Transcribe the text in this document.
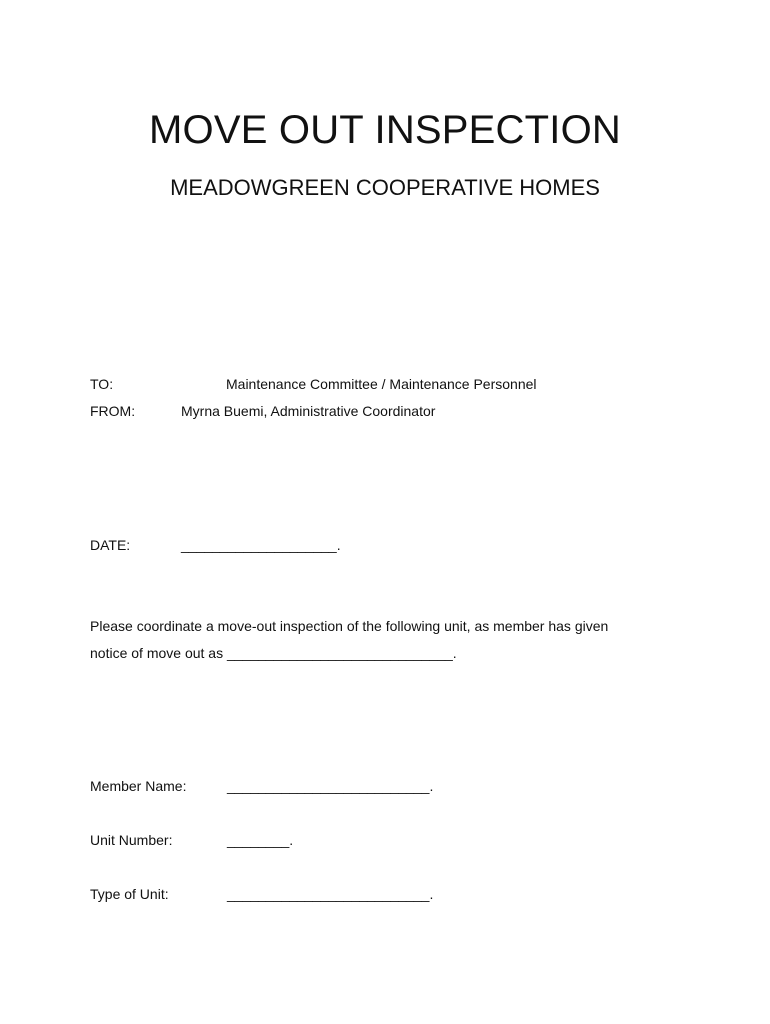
MOVE OUT INSPECTION
MEADOWGREEN COOPERATIVE HOMES
TO:	Maintenance Committee / Maintenance Personnel
FROM:	Myrna Buemi, Administrative Coordinator
DATE:	____________________.
Please coordinate a move-out inspection of the following unit, as member has given
notice of move out as _____________________________.
Member Name:	__________________________.
Unit Number:	________.
Type of Unit:	__________________________.
